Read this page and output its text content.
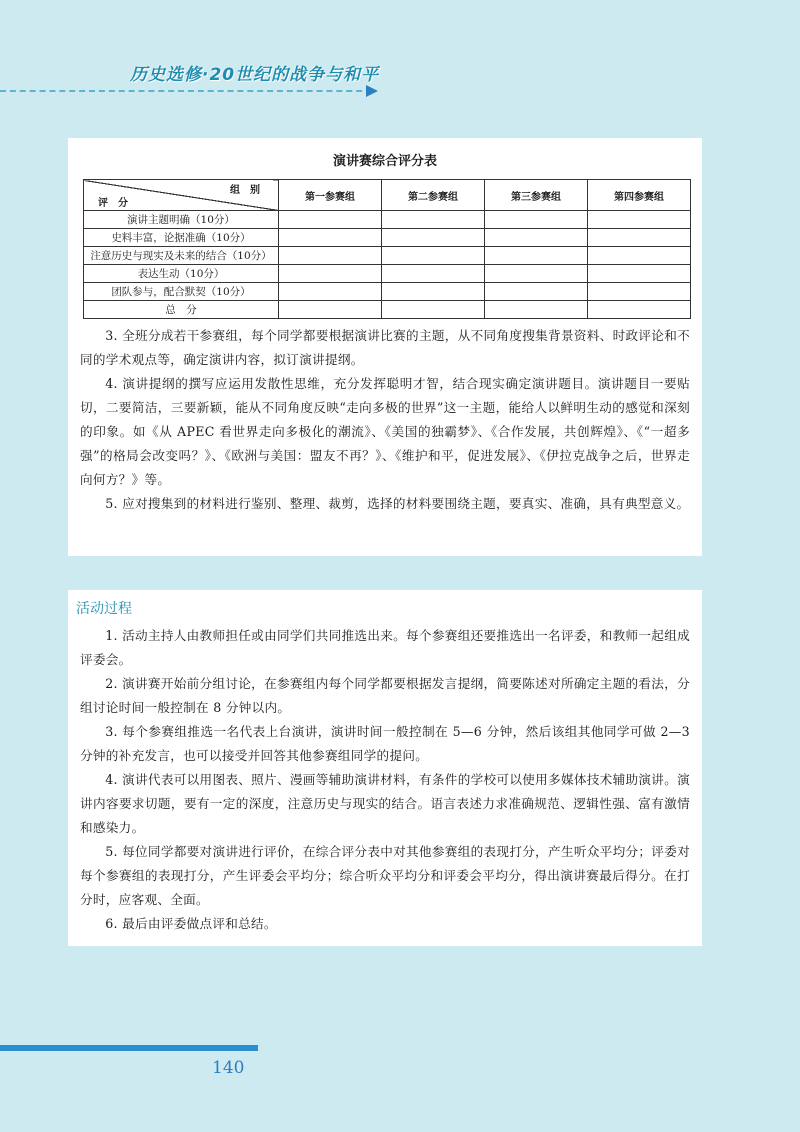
历史选修·20世纪的战争与和平
演讲赛综合评分表
组　别
评　分	第一参赛组	第二参赛组	第三参赛组	第四参赛组
演讲主题明确（10分）				
史料丰富，论据准确（10分）				
注意历史与现实及未来的结合（10分）				
表达生动（10分）				
团队参与，配合默契（10分）				
总　分				

3. 全班分成若干参赛组，每个同学都要根据演讲比赛的主题，从不同角度搜集背景资料、时政评论和不同的学术观点等，确定演讲内容，拟订演讲提纲。

4. 演讲提纲的撰写应运用发散性思维，充分发挥聪明才智，结合现实确定演讲题目。演讲题目一要贴切，二要简洁，三要新颖，能从不同角度反映“走向多极的世界”这一主题，能给人以鲜明生动的感觉和深刻的印象。如《从 APEC 看世界走向多极化的潮流》、《美国的独霸梦》、《合作发展，共创辉煌》、《“一超多强”的格局会改变吗？》、《欧洲与美国：盟友不再？》、《维护和平，促进发展》、《伊拉克战争之后，世界走向何方？》等。

5. 应对搜集到的材料进行鉴别、整理、裁剪，选择的材料要围绕主题，要真实、准确，具有典型意义。

活动过程

1. 活动主持人由教师担任或由同学们共同推选出来。每个参赛组还要推选出一名评委，和教师一起组成评委会。

2. 演讲赛开始前分组讨论，在参赛组内每个同学都要根据发言提纲，简要陈述对所确定主题的看法，分组讨论时间一般控制在 8 分钟以内。

3. 每个参赛组推选一名代表上台演讲，演讲时间一般控制在 5—6 分钟，然后该组其他同学可做 2—3 分钟的补充发言，也可以接受并回答其他参赛组同学的提问。

4. 演讲代表可以用图表、照片、漫画等辅助演讲材料，有条件的学校可以使用多媒体技术辅助演讲。演讲内容要求切题，要有一定的深度，注意历史与现实的结合。语言表述力求准确规范、逻辑性强、富有激情和感染力。

5. 每位同学都要对演讲进行评价，在综合评分表中对其他参赛组的表现打分，产生听众平均分；评委对每个参赛组的表现打分，产生评委会平均分；综合听众平均分和评委会平均分，得出演讲赛最后得分。在打分时，应客观、全面。

6. 最后由评委做点评和总结。

140
